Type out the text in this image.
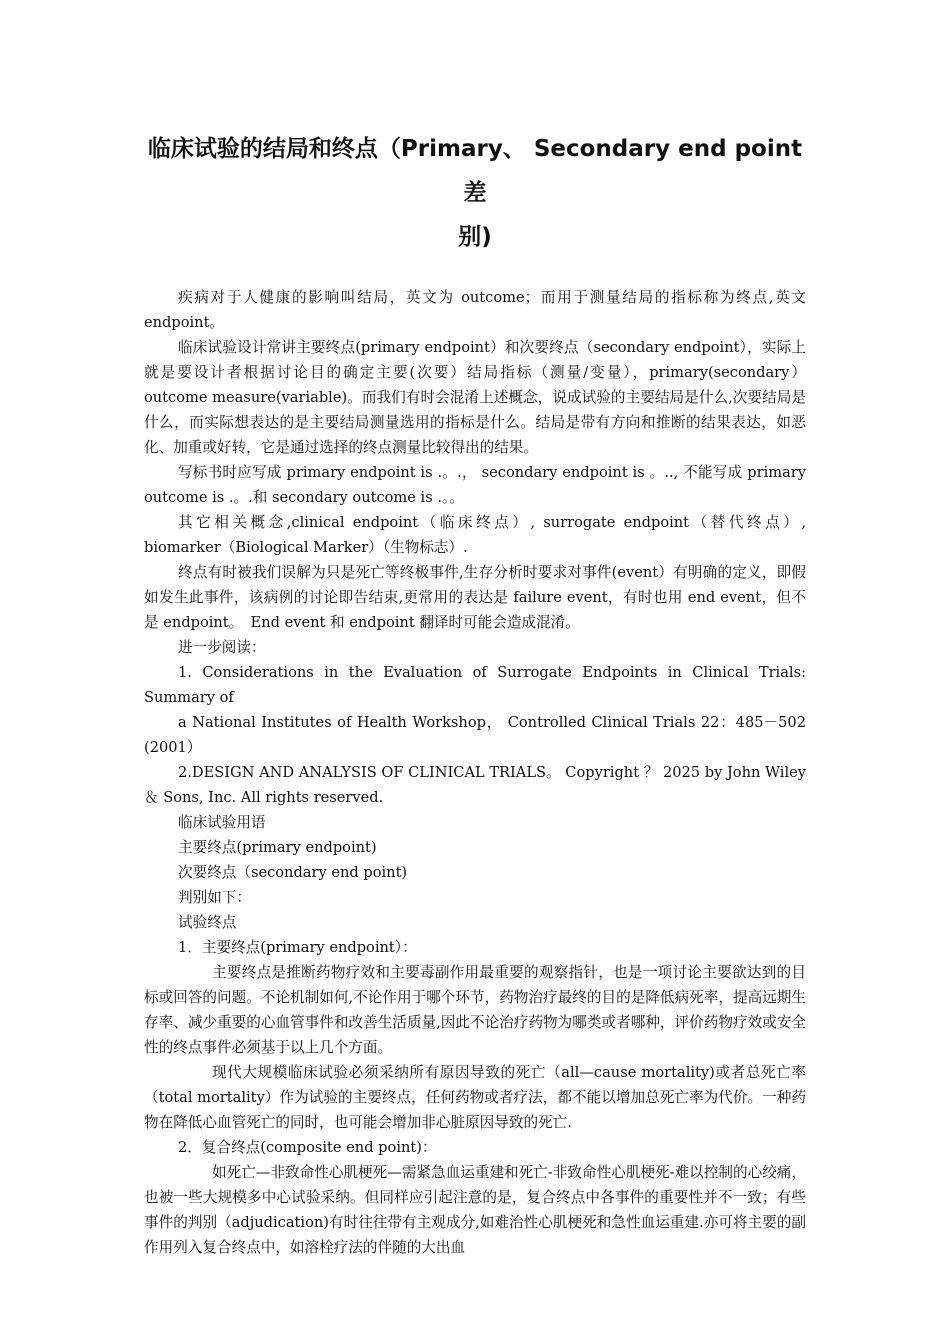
临床试验的结局和终点（Primary、 Secondary end point 差
别)

疾病对于人健康的影响叫结局，英文为 outcome；而用于测量结局的指标称为终点,英文 endpoint。

临床试验设计常讲主要终点(primary endpoint）和次要终点（secondary endpoint），实际上就是要设计者根据讨论目的确定主要(次要）结局指标（测量/变量），primary(secondary） outcome measure(variable)。而我们有时会混淆上述概念，说成试验的主要结局是什么,次要结局是什么，而实际想表达的是主要结局测量选用的指标是什么。结局是带有方向和推断的结果表达，如恶化、加重或好转，它是通过选择的终点测量比较得出的结果。

写标书时应写成 primary endpoint is .。.， secondary endpoint is 。.., 不能写成 primary outcome is .。.和 secondary outcome is .。。

其它相关概念,clinical endpoint（临床终点）, surrogate endpoint（替代终点）, biomarker（Biological Marker）（生物标志）.

终点有时被我们误解为只是死亡等终极事件,生存分析时要求对事件(event）有明确的定义，即假如发生此事件，该病例的讨论即告结束,更常用的表达是 failure event，有时也用 end event，但不是 endpoint。　End event 和 endpoint 翻译时可能会造成混淆。

进一步阅读：

1. Considerations in the Evaluation of Surrogate Endpoints in Clinical Trials: Summary of

a National Institutes of Health Workshop， Controlled Clinical Trials 22：485－502 (2001）

2.DESIGN AND ANALYSIS OF CLINICAL TRIALS。 Copyright ？ 2025 by John Wiley ＆ Sons, Inc. All rights reserved.

临床试验用语

主要终点(primary endpoint)

次要终点（secondary end point)

判别如下：

试验终点

1．主要终点(primary endpoint）：

主要终点是推断药物疗效和主要毒副作用最重要的观察指针，也是一项讨论主要欲达到的目标或回答的问题。不论机制如何,不论作用于哪个环节，药物治疗最终的目的是降低病死率，提高远期生存率、减少重要的心血管事件和改善生活质量,因此不论治疗药物为哪类或者哪种，评价药物疗效或安全性的终点事件必须基于以上几个方面。

现代大规模临床试验必须采纳所有原因导致的死亡（all—cause mortality)或者总死亡率（total mortality）作为试验的主要终点，任何药物或者疗法，都不能以增加总死亡率为代价。一种药物在降低心血管死亡的同时，也可能会增加非心脏原因导致的死亡.

2．复合终点(composite end point)：

如死亡—非致命性心肌梗死—需紧急血运重建和死亡-非致命性心肌梗死-难以控制的心绞痛，也被一些大规模多中心试验采纳。但同样应引起注意的是，复合终点中各事件的重要性并不一致；有些事件的判别（adjudication)有时往往带有主观成分,如难治性心肌梗死和急性血运重建.亦可将主要的副作用列入复合终点中，如溶栓疗法的伴随的大出血
